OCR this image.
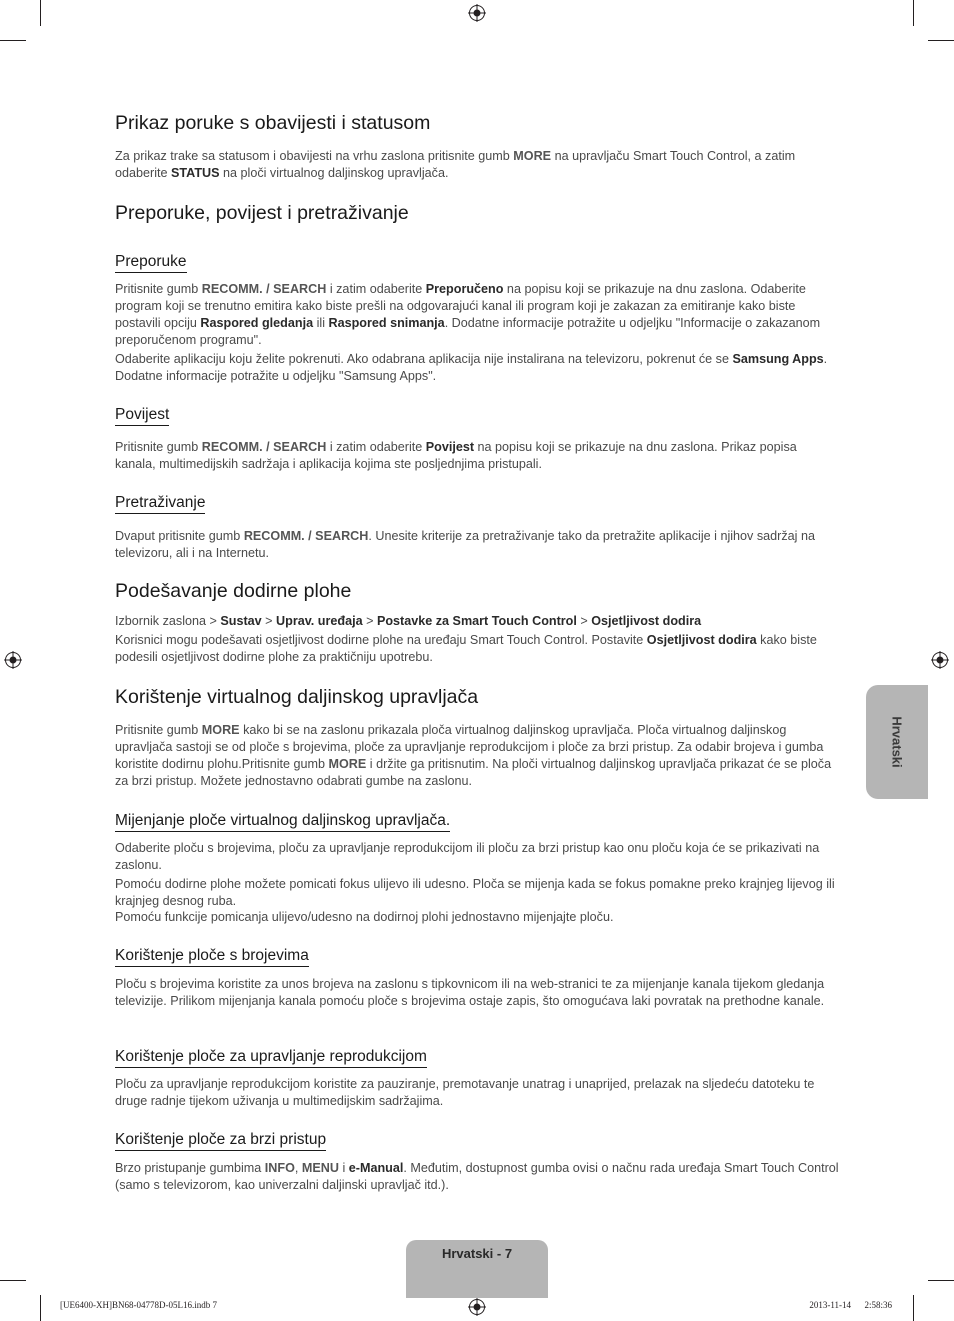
Prikaz poruke s obavijesti i statusom

Za prikaz trake sa statusom i obavijesti na vrhu zaslona pritisnite gumb MORE na upravljaču Smart Touch Control, a zatim odaberite STATUS na ploči virtualnog daljinskog upravljača.

Preporuke, povijest i pretraživanje
Preporuke

Pritisnite gumb RECOMM. / SEARCH i zatim odaberite Preporučeno na popisu koji se prikazuje na dnu zaslona. Odaberite program koji se trenutno emitira kako biste prešli na odgovarajući kanal ili program koji je zakazan za emitiranje kako biste postavili opciju Raspored gledanja ili Raspored snimanja. Dodatne informacije potražite u odjeljku "Informacije o zakazanom preporučenom programu".

Odaberite aplikaciju koju želite pokrenuti. Ako odabrana aplikacija nije instalirana na televizoru, pokrenut će se Samsung Apps. Dodatne informacije potražite u odjeljku "Samsung Apps".

Povijest

Pritisnite gumb RECOMM. / SEARCH i zatim odaberite Povijest na popisu koji se prikazuje na dnu zaslona. Prikaz popisa kanala, multimedijskih sadržaja i aplikacija kojima ste posljednjima pristupali.

Pretraživanje

Dvaput pritisnite gumb RECOMM. / SEARCH. Unesite kriterije za pretraživanje tako da pretražite aplikacije i njihov sadržaj na televizoru, ali i na Internetu.

Podešavanje dodirne plohe

Izbornik zaslona > Sustav > Uprav. uređaja > Postavke za Smart Touch Control > Osjetljivost dodira

Korisnici mogu podešavati osjetljivost dodirne plohe na uređaju Smart Touch Control. Postavite Osjetljivost dodira kako biste podesili osjetljivost dodirne plohe za praktičniju upotrebu.

Korištenje virtualnog daljinskog upravljača

Pritisnite gumb MORE kako bi se na zaslonu prikazala ploča virtualnog daljinskog upravljača. Ploča virtualnog daljinskog upravljača sastoji se od ploče s brojevima, ploče za upravljanje reprodukcijom i ploče za brzi pristup. Za odabir brojeva i gumba koristite dodirnu plohu.Pritisnite gumb MORE i držite ga pritisnutim. Na ploči virtualnog daljinskog upravljača prikazat će se ploča za brzi pristup. Možete jednostavno odabrati gumbe na zaslonu.

Mijenjanje ploče virtualnog daljinskog upravljača.

Odaberite ploču s brojevima, ploču za upravljanje reprodukcijom ili ploču za brzi pristup kao onu ploču koja će se prikazivati na zaslonu.

Pomoću dodirne plohe možete pomicati fokus ulijevo ili udesno. Ploča se mijenja kada se fokus pomakne preko krajnjeg lijevog ili krajnjeg desnog ruba.

Pomoću funkcije pomicanja ulijevo/udesno na dodirnoj plohi jednostavno mijenjajte ploču.

Korištenje ploče s brojevima

Ploču s brojevima koristite za unos brojeva na zaslonu s tipkovnicom ili na web-stranici te za mijenjanje kanala tijekom gledanja televizije. Prilikom mijenjanja kanala pomoću ploče s brojevima ostaje zapis, što omogućava laki povratak na prethodne kanale.

Korištenje ploče za upravljanje reprodukcijom

Ploču za upravljanje reprodukcijom koristite za pauziranje, premotavanje unatrag i unaprijed, prelazak na sljedeću datoteku te druge radnje tijekom uživanja u multimedijskim sadržajima.

Korištenje ploče za brzi pristup

Brzo pristupanje gumbima INFO, MENU i e-Manual. Međutim, dostupnost gumba ovisi o načnu rada uređaja Smart Touch Control (samo s televizorom, kao univerzalni daljinski upravljač itd.).

Hrvatski
Hrvatski - 7
[UE6400-XH]BN68-04778D-05L16.indb 7	2013-11-14   2:58:36
